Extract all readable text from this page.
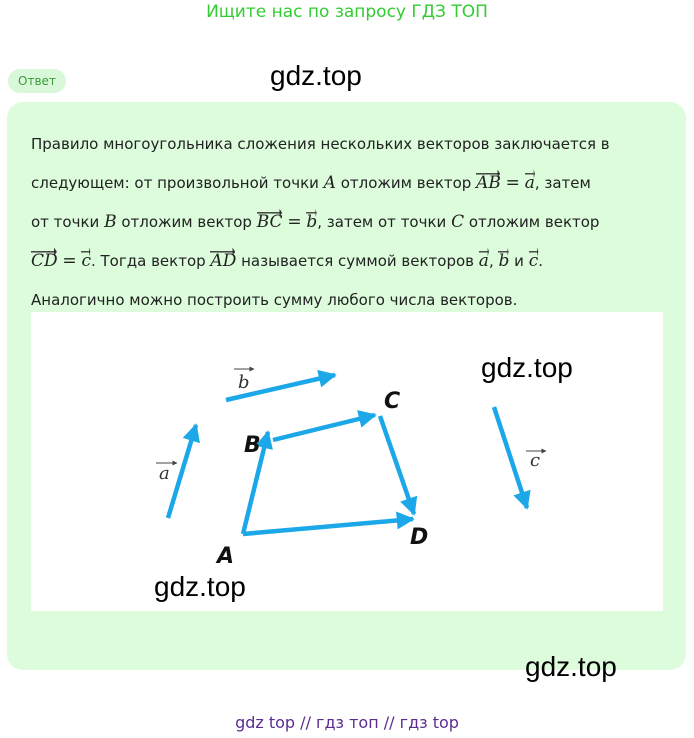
Ищите нас по запросу ГДЗ ТОП
Ответ	gdz.top
Правило многоугольника сложения нескольких векторов заключается в
следующем: от произвольной точки A отложим вектор AB = a, затем
от точки B отложим вектор BC = b, затем от точки C отложим вектор
CD = c. Тогда вектор AD называется суммой векторов a,
b и c.
Аналогично можно построить сумму любого числа векторов.
a
b
c
A
B
C
D
gdz.top
gdz.top
gdz.top
gdz top // гдз топ // гдз top
